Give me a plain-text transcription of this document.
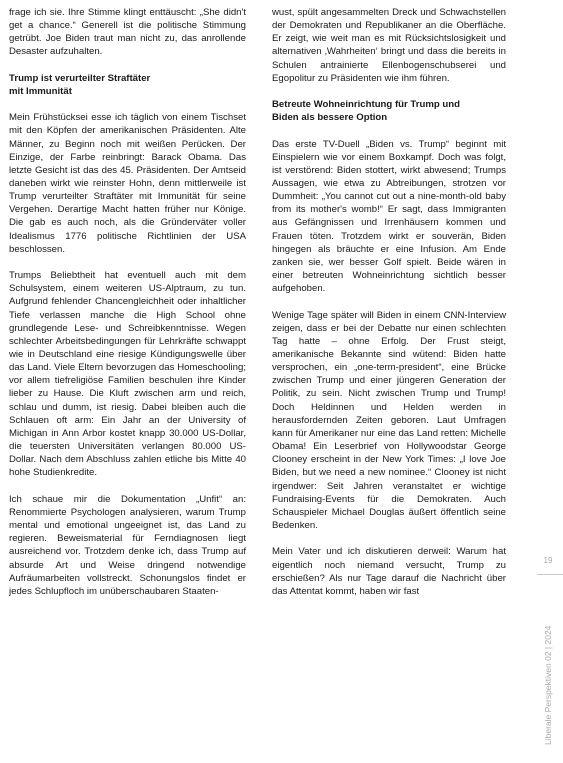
frage ich sie. Ihre Stimme klingt enttäuscht: „She didn't get a chance.“ Generell ist die politische Stimmung getrübt. Joe Biden traut man nicht zu, das anrollende Desaster aufzuhalten.

Trump ist verurteilter Straftäter
mit Immunität

Mein Frühstücksei esse ich täglich von einem Tischset mit den Köpfen der amerikanischen Präsidenten. Alte Männer, zu Beginn noch mit weißen Perücken. Der Einzige, der Farbe reinbringt: Barack Obama. Das letzte Gesicht ist das des 45. Präsidenten. Der Amtseid daneben wirkt wie reinster Hohn, denn mittlerweile ist Trump verurteilter Straftäter mit Immunität für seine Vergehen. Derartige Macht hatten früher nur Könige. Die gab es auch noch, als die Gründerväter voller Idealismus 1776 politische Richtlinien der USA beschlossen.

Trumps Beliebtheit hat eventuell auch mit dem Schulsystem, einem weiteren US-Alptraum, zu tun. Aufgrund fehlender Chancengleichheit oder inhaltlicher Tiefe verlassen manche die High School ohne grundlegende Lese- und Schreibkenntnisse. Wegen schlechter Arbeitsbedingungen für Lehrkräfte schwappt wie in Deutschland eine riesige Kündigungswelle über das Land. Viele Eltern bevorzugen das Homeschooling; vor allem tiefreligiöse Familien beschulen ihre Kinder lieber zu Hause. Die Kluft zwischen arm und reich, schlau und dumm, ist riesig. Dabei bleiben auch die Schlauen oft arm: Ein Jahr an der University of Michigan in Ann Arbor kostet knapp 30.000 US-Dollar, die teuersten Universitäten verlangen 80.000 US-Dollar. Nach dem Abschluss zahlen etliche bis Mitte 40 hohe Studienkredite.

Ich schaue mir die Dokumentation „Unfit“ an: Renommierte Psychologen analysieren, warum Trump mental und emotional ungeeignet ist, das Land zu regieren. Beweismaterial für Ferndiagnosen liegt ausreichend vor. Trotzdem denke ich, dass Trump auf absurde Art und Weise dringend notwendige Aufräumarbeiten vollstreckt. Schonungslos findet er jedes Schlupfloch im unüberschaubaren Staaten-

wust, spült angesammelten Dreck und Schwachstellen der Demokraten und Republikaner an die Oberfläche. Er zeigt, wie weit man es mit Rücksichtslosigkeit und alternativen ‚Wahrheiten‘ bringt und dass die bereits in Schulen antrainierte Ellenbogenschubserei und Egopolitur zu Präsidenten wie ihm führen.

Betreute Wohneinrichtung für Trump und
Biden als bessere Option

Das erste TV-Duell „Biden vs. Trump“ beginnt mit Einspielern wie vor einem Boxkampf. Doch was folgt, ist verstörend: Biden stottert, wirkt abwesend; Trumps Aussagen, wie etwa zu Abtreibungen, strotzen vor Dummheit: „You cannot cut out a nine-month-old baby from its mother's womb!“ Er sagt, dass Immigranten aus Gefängnissen und Irrenhäusern kommen und Frauen töten. Trotzdem wirkt er souverän, Biden hingegen als bräuchte er eine Infusion. Am Ende zanken sie, wer besser Golf spielt. Beide wären in einer betreuten Wohneinrichtung sichtlich besser aufgehoben.

Wenige Tage später will Biden in einem CNN-Interview zeigen, dass er bei der Debatte nur einen schlechten Tag hatte – ohne Erfolg. Der Frust steigt, amerikanische Bekannte sind wütend: Biden hatte versprochen, ein „one-term-president“, eine Brücke zwischen Trump und einer jüngeren Generation der Politik, zu sein. Nicht zwischen Trump und Trump! Doch Heldinnen und Helden werden in herausfordernden Zeiten geboren. Laut Umfragen kann für Amerikaner nur eine das Land retten: Michelle Obama! Ein Leserbrief von Hollywoodstar George Clooney erscheint in der New York Times: „I love Joe Biden, but we need a new nominee.“ Clooney ist nicht irgendwer: Seit Jahren veranstaltet er wichtige Fundraising-Events für die Demokraten. Auch Schauspieler Michael Douglas äußert öffentlich seine Bedenken.

Mein Vater und ich diskutieren derweil: Warum hat eigentlich noch niemand versucht, Trump zu erschießen? Als nur Tage darauf die Nachricht über das Attentat kommt, haben wir fast

19
Liberale Perspektiven 02 | 2024
